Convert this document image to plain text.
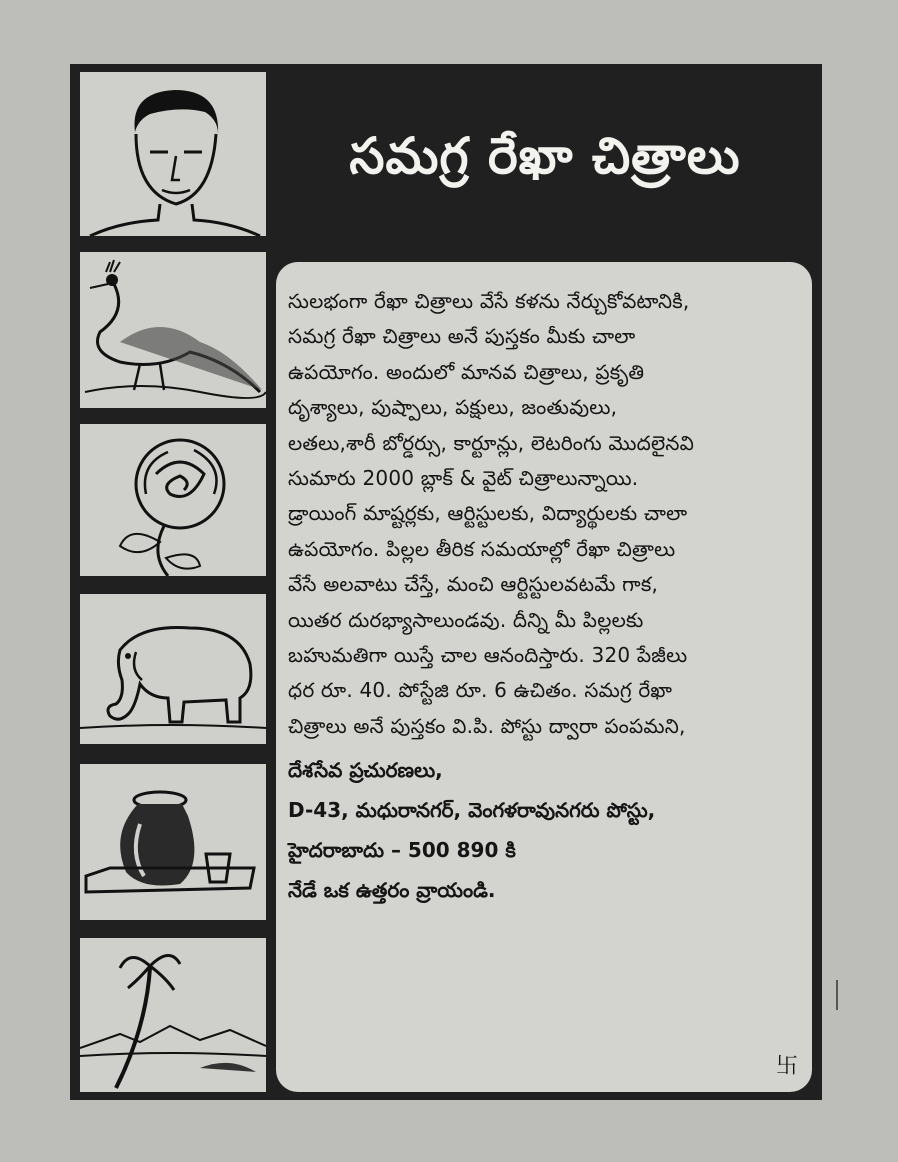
సమగ్ర రేఖా చిత్రాలు
సులభంగా రేఖా చిత్రాలు వేసే కళను నేర్చుకోవటానికి,
సమగ్ర రేఖా చిత్రాలు అనే పుస్తకం మీకు చాలా
ఉపయోగం. అందులో మానవ చిత్రాలు, ప్రకృతి
దృశ్యాలు, పుష్పాలు, పక్షులు, జంతువులు,
లతలు,శారీ బోర్డర్సు, కార్టూన్లు, లెటరింగు మొదలైనవి
సుమారు 2000 బ్లాక్ & వైట్ చిత్రాలున్నాయి.
డ్రాయింగ్ మాష్టర్లకు, ఆర్టిస్టులకు, విద్యార్థులకు చాలా
ఉపయోగం. పిల్లల తీరిక సమయాల్లో రేఖా చిత్రాలు
వేసే అలవాటు చేస్తే, మంచి ఆర్టిస్టులవటమే గాక,
యితర దురభ్యాసాలుండవు. దీన్ని మీ పిల్లలకు
బహుమతిగా యిస్తే చాల ఆనందిస్తారు. 320 పేజీలు
ధర రూ. 40. పోస్టేజి రూ. 6 ఉచితం. సమగ్ర రేఖా
చిత్రాలు అనే పుస్తకం వి.పి. పోస్టు ద్వారా పంపమని,
దేశసేవ ప్రచురణలు,
D-43, మధురానగర్, వెంగళరావునగరు పోస్టు,
హైదరాబాదు – 500 890 కి
నేడే ఒక ఉత్తరం వ్రాయండి.
卐
